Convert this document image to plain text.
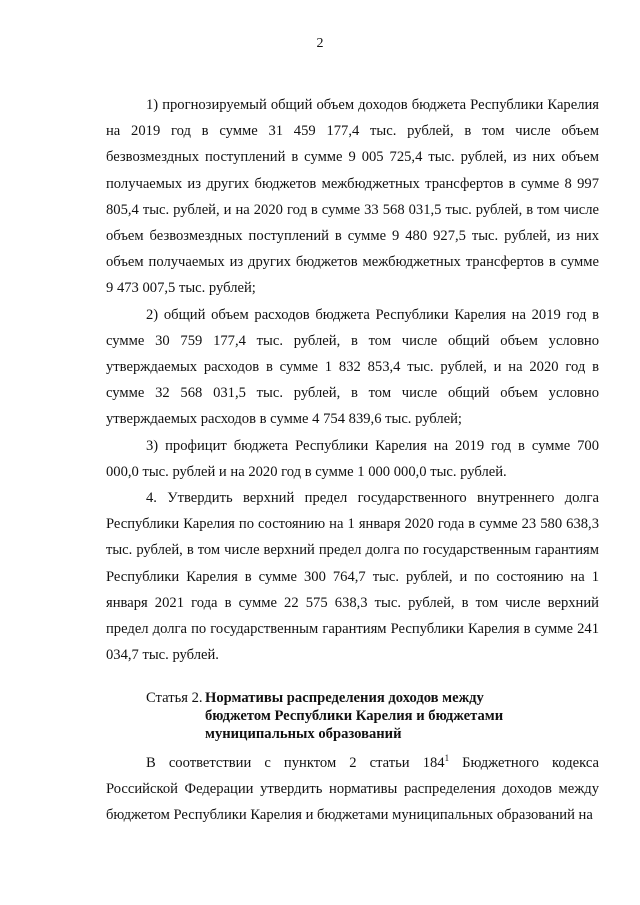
2

1) прогнозируемый общий объем доходов бюджета Республики Карелия на 2019 год в сумме 31 459 177,4 тыс. рублей, в том числе объем безвозмездных поступлений в сумме 9 005 725,4 тыс. рублей, из них объем получаемых из других бюджетов межбюджетных трансфертов в сумме 8 997 805,4 тыс. рублей, и на 2020 год в сумме 33 568 031,5 тыс. рублей, в том числе объем безвозмездных поступлений в сумме 9 480 927,5 тыс. рублей, из них объем получаемых из других бюджетов межбюджетных трансфертов в сумме 9 473 007,5 тыс. рублей;

2) общий объем расходов бюджета Республики Карелия на 2019 год в сумме 30 759 177,4 тыс. рублей, в том числе общий объем условно утверждаемых расходов в сумме 1 832 853,4 тыс. рублей, и на 2020 год в сумме 32 568 031,5 тыс. рублей, в том числе общий объем условно утверждаемых расходов в сумме 4 754 839,6 тыс. рублей;

3) профицит бюджета Республики Карелия на 2019 год в сумме 700 000,0 тыс. рублей и на 2020 год в сумме 1 000 000,0 тыс. рублей.

4. Утвердить верхний предел государственного внутреннего долга Республики Карелия по состоянию на 1 января 2020 года в сумме 23 580 638,3 тыс. рублей, в том числе верхний предел долга по государственным гарантиям Республики Карелия в сумме 300 764,7 тыс. рублей, и по состоянию на 1 января 2021 года в сумме 22 575 638,3 тыс. рублей, в том числе верхний предел долга по государственным гарантиям Республики Карелия в сумме 241 034,7 тыс. рублей.

Статья 2. Нормативы распределения доходов между бюджетом Республики Карелия и бюджетами муниципальных образований

В соответствии с пунктом 2 статьи $184^1$ Бюджетного кодекса Российской Федерации утвердить нормативы распределения доходов между бюджетом Республики Карелия и бюджетами муниципальных образований на
